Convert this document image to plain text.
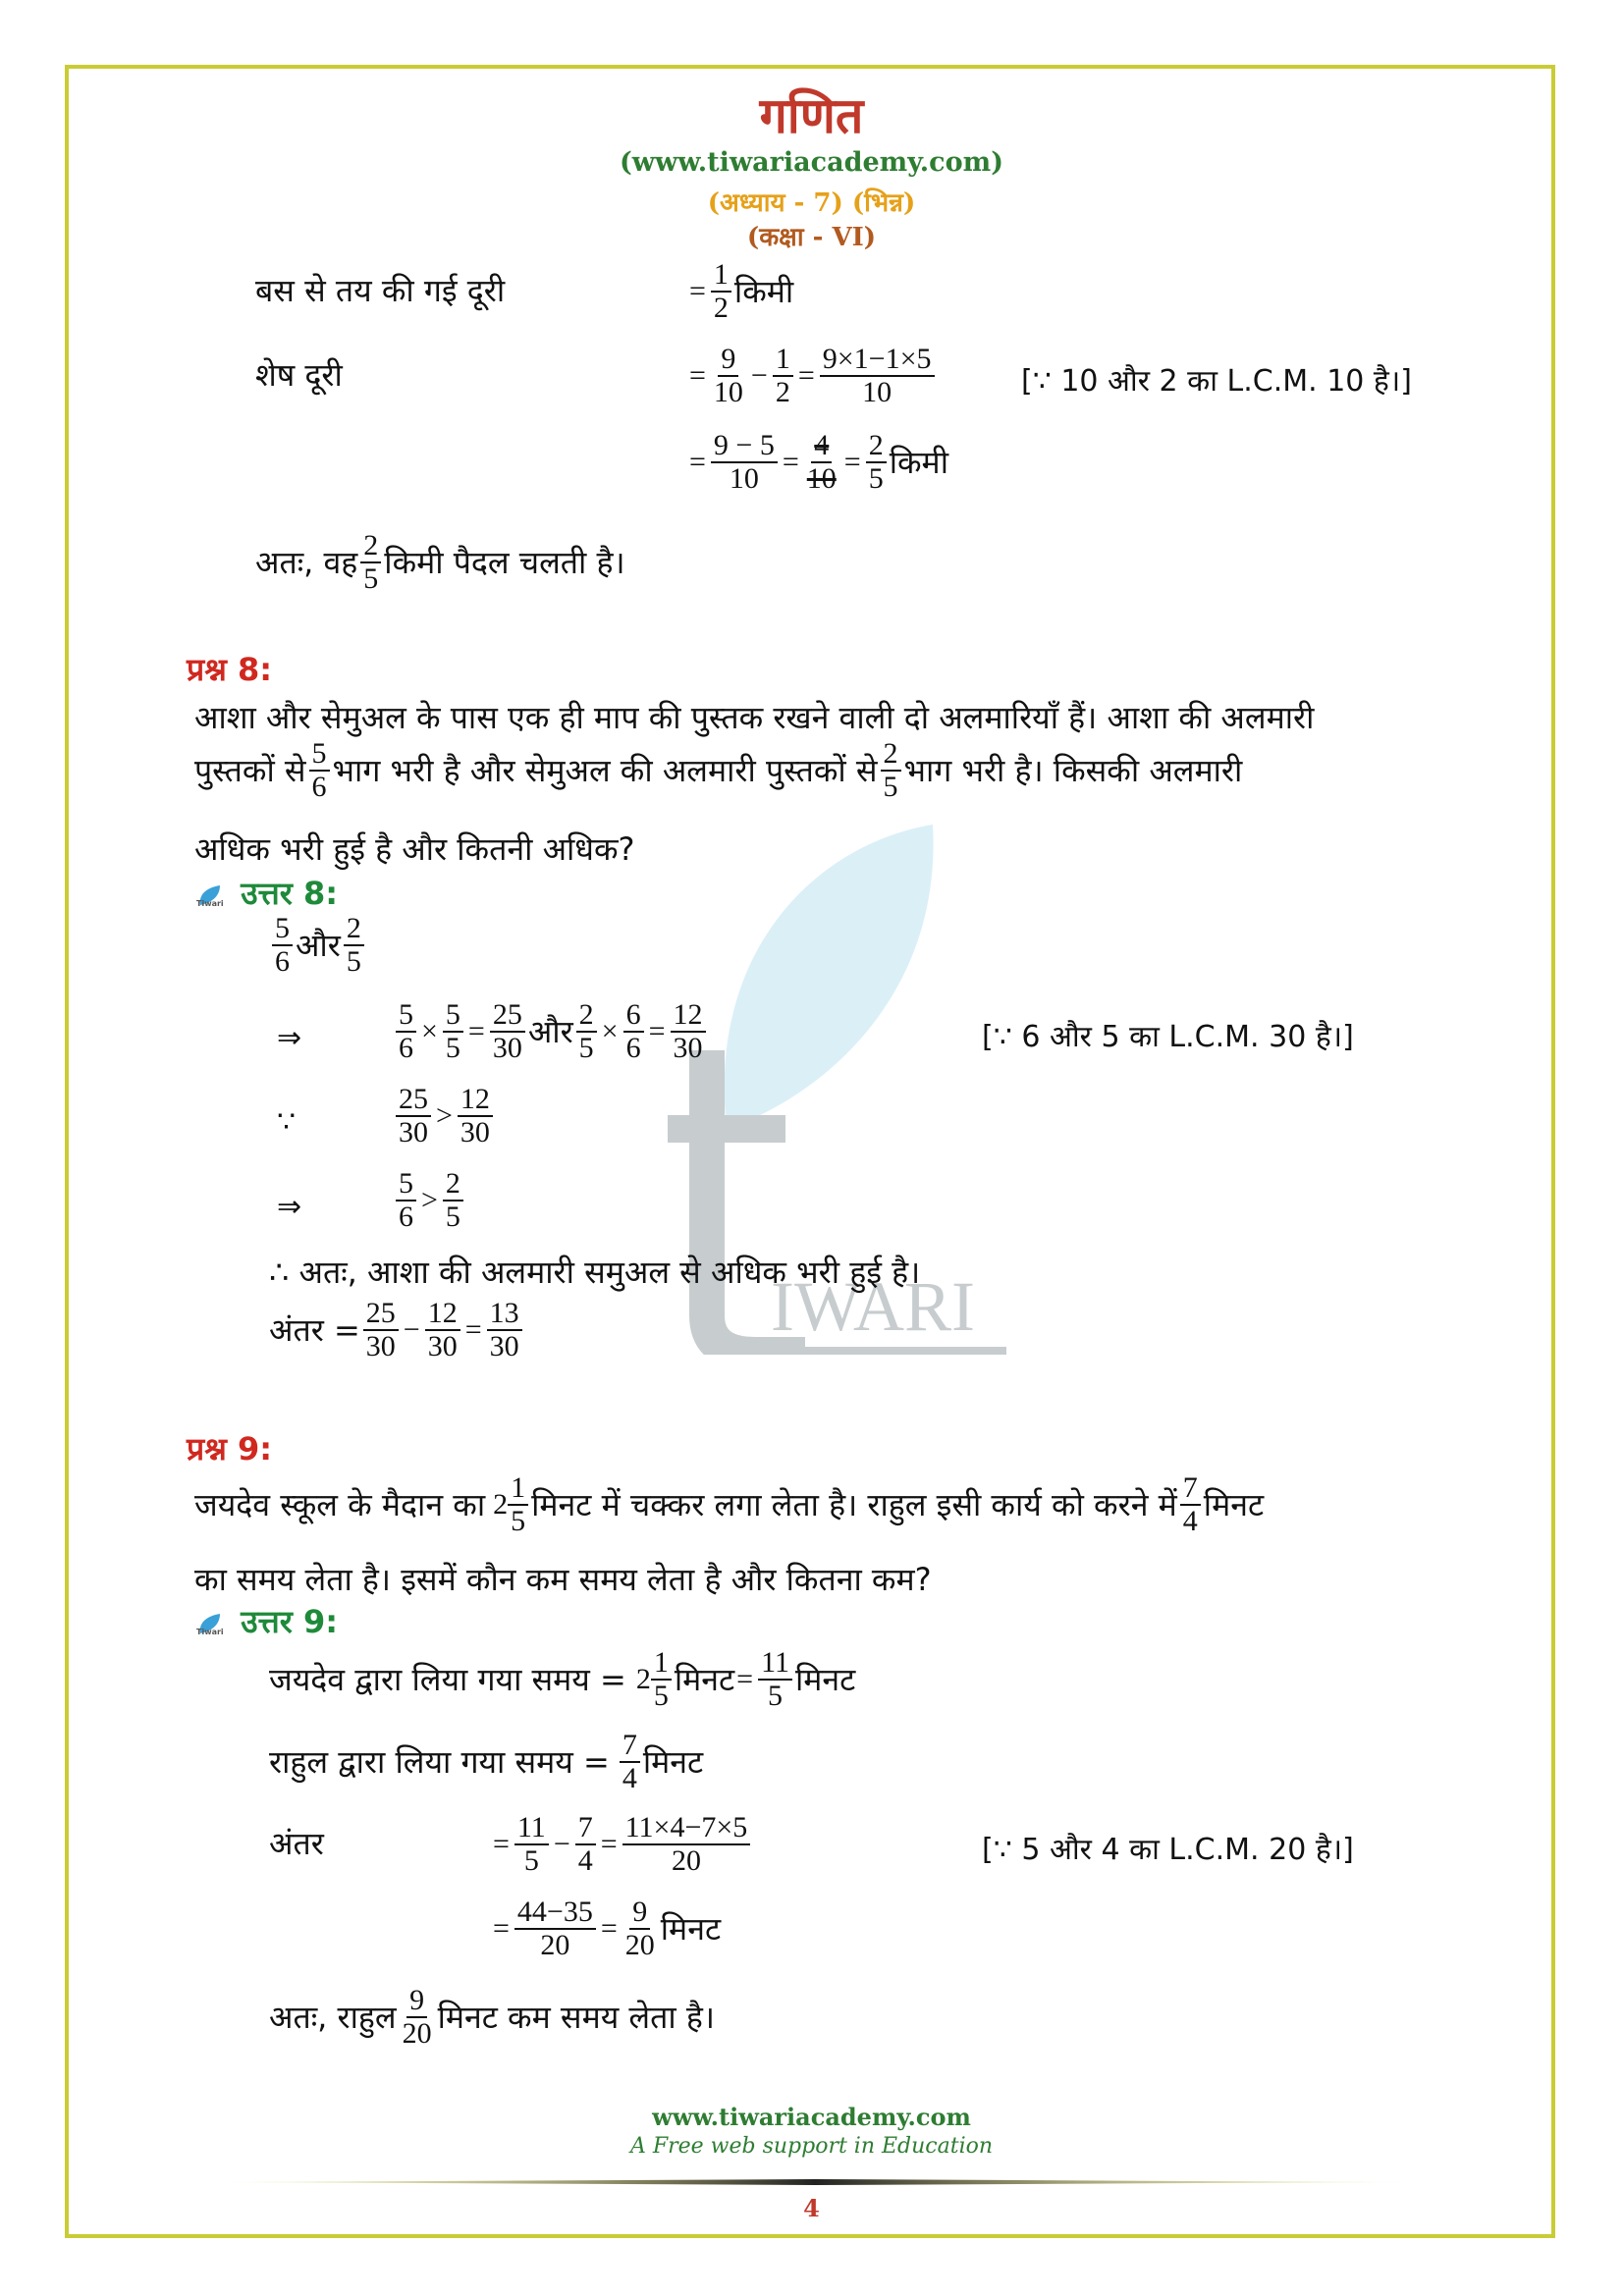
IWARI
गणित
(www.tiwariacademy.com)
(अध्याय - 7) (भिन्न)
(कक्षा - VI)
बस से तय की गई दूरी	= $\frac{1}{2}$ किमी
शेष दूरी	= $\frac{9}{10} - \frac{1}{2} = \frac{9\times 1-1\times 5}{10}$	[∵ 10 और 2 का L.C.M. 10 है।]
= $\frac{9 - 5}{10} = \frac{4}{10} = \frac{2}{5}$ किमी
अतः, वह $\frac{2}{5}$ किमी पैदल चलती है।
प्रश्न 8:
आशा और सेमुअल के पास एक ही माप की पुस्तक रखने वाली दो अलमारियाँ हैं। आशा की अलमारी
पुस्तकों से $\frac{5}{6}$ भाग भरी है और सेमुअल की अलमारी पुस्तकों से $\frac{2}{5}$ भाग भरी है। किसकी अलमारी
अधिक भरी हुई है और कितनी अधिक?
Tiwari उत्तर 8:
$\frac{5}{6}$ और $\frac{2}{5}$
⇒	$\frac{5}{6} \times \frac{5}{5} = \frac{25}{30}$ और $\frac{2}{5} \times \frac{6}{6} = \frac{12}{30}$	[∵ 6 और 5 का L.C.M. 30 है।]
∵	$\frac{25}{30} > \frac{12}{30}$
⇒	$\frac{5}{6} > \frac{2}{5}$
∴ अतः, आशा की अलमारी समुअल से अधिक भरी हुई है।
अंतर = $\frac{25}{30} - \frac{12}{30} = \frac{13}{30}$
प्रश्न 9:
जयदेव स्कूल के मैदान का $2 \frac{1}{5}$ मिनट में चक्कर लगा लेता है। राहुल इसी कार्य को करने में $\frac{7}{4}$ मिनट
का समय लेता है। इसमें कौन कम समय लेता है और कितना कम?
Tiwari उत्तर 9:
जयदेव द्वारा लिया गया समय = $2 \frac{1}{5}$ मिनट = $\frac{11}{5}$ मिनट
राहुल द्वारा लिया गया समय = $\frac{7}{4}$ मिनट
अंतर	= $\frac{11}{5} - \frac{7}{4} = \frac{11\times 4-7\times 5}{20}$	[∵ 5 और 4 का L.C.M. 20 है।]
= $\frac{44-35}{20} = \frac{9}{20}$ मिनट
अतः, राहुल $\frac{9}{20}$ मिनट कम समय लेता है।
www.tiwariacademy.com
A Free web support in Education
4
